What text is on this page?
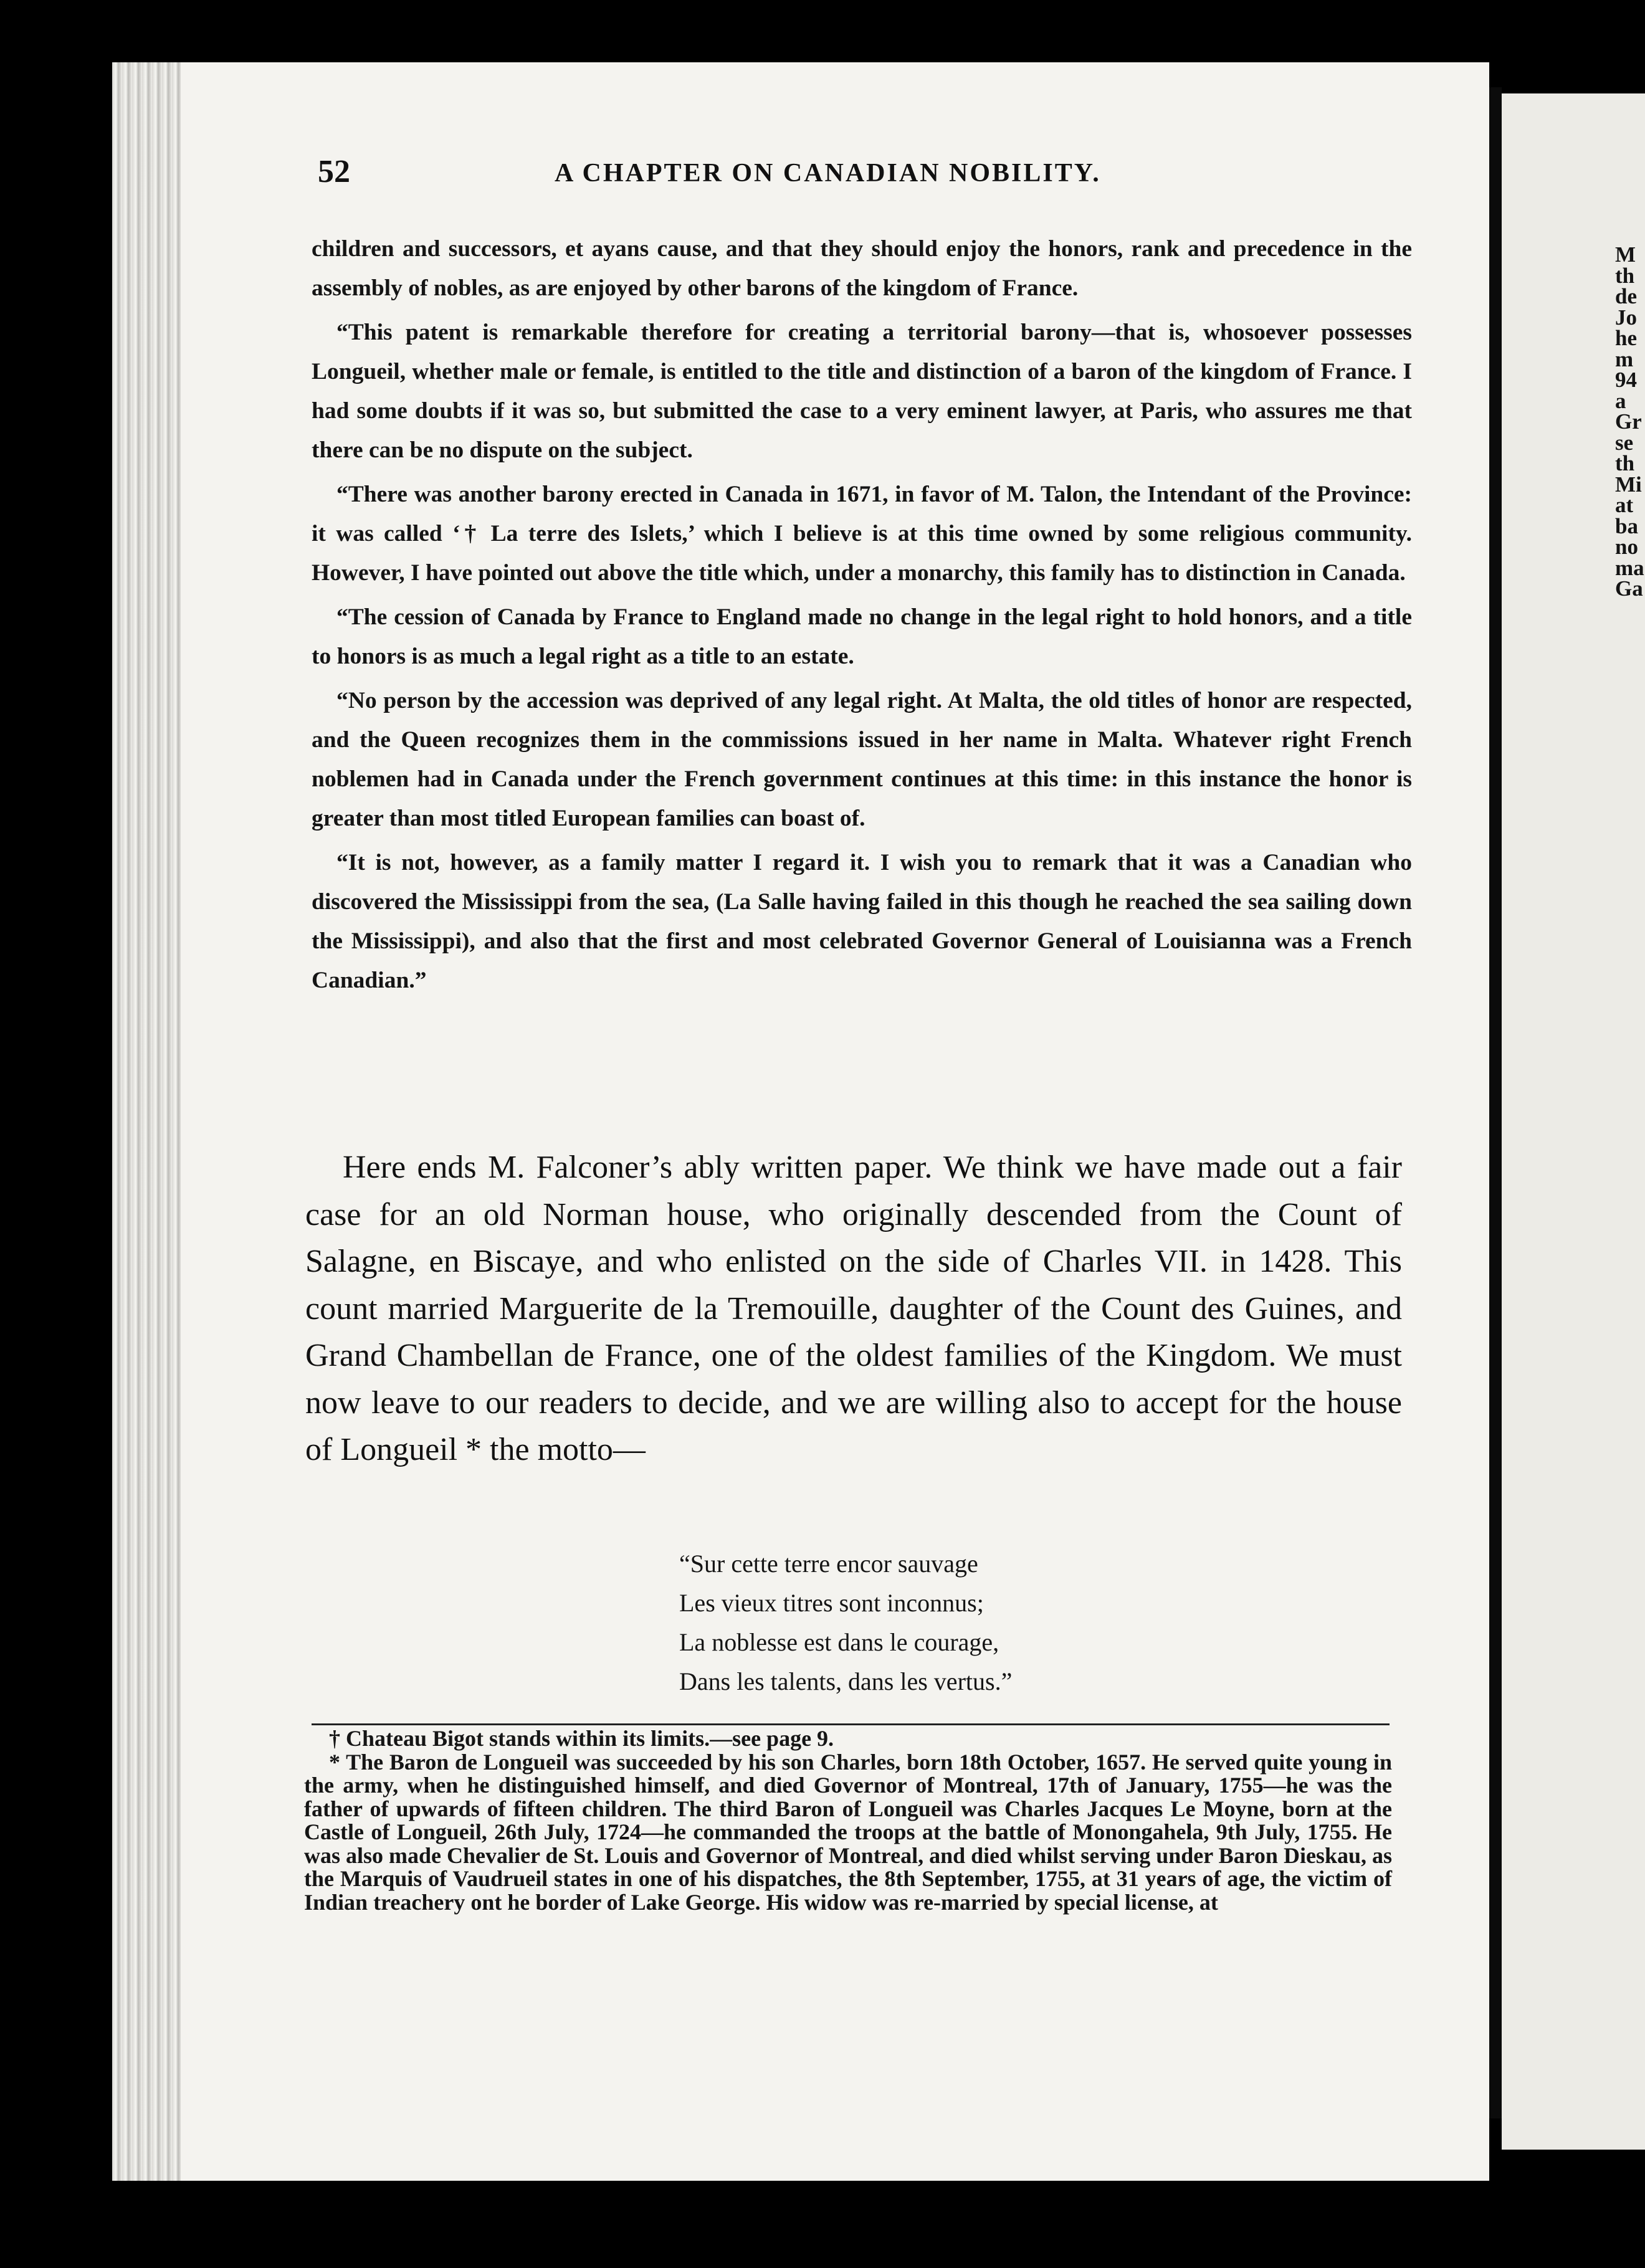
M
th
de
Jo
he
m
94
a
Gr
se
th
Mi
at
ba
no
ma
Ga
52	A CHAPTER ON CANADIAN NOBILITY.

children and successors, et ayans cause, and that they should enjoy the honors, rank and precedence in the assembly of nobles, as are enjoyed by other barons of the kingdom of France.

“This patent is remarkable therefore for creating a territorial barony—that is, whosoever possesses Longueil, whether male or female, is entitled to the title and distinction of a baron of the kingdom of France. I had some doubts if it was so, but submitted the case to a very eminent lawyer, at Paris, who assures me that there can be no dispute on the subject.

“There was another barony erected in Canada in 1671, in favor of M. Talon, the Intendant of the Province: it was called ‘† La terre des Islets,’ which I believe is at this time owned by some religious community. However, I have pointed out above the title which, under a monarchy, this family has to distinction in Canada.

“The cession of Canada by France to England made no change in the legal right to hold honors, and a title to honors is as much a legal right as a title to an estate.

“No person by the accession was deprived of any legal right. At Malta, the old titles of honor are respected, and the Queen recognizes them in the commissions issued in her name in Malta. Whatever right French noblemen had in Canada under the French government continues at this time: in this instance the honor is greater than most titled European families can boast of.

“It is not, however, as a family matter I regard it. I wish you to remark that it was a Canadian who discovered the Mississippi from the sea, (La Salle having failed in this though he reached the sea sailing down the Mississippi), and also that the first and most celebrated Governor General of Louisianna was a French Canadian.”

Here ends M. Falconer’s ably written paper. We think we have made out a fair case for an old Norman house, who originally descended from the Count of Salagne, en Biscaye, and who enlisted on the side of Charles VII. in 1428. This count married Marguerite de la Tremouille, daughter of the Count des Guines, and Grand Chambellan de France, one of the oldest families of the Kingdom. We must now leave to our readers to decide, and we are willing also to accept for the house of Longueil * the motto—

“Sur cette terre encor sauvage
Les vieux titres sont inconnus;
La noblesse est dans le courage,
Dans les talents, dans les vertus.”

† Chateau Bigot stands within its limits.—see page 9.

* The Baron de Longueil was succeeded by his son Charles, born 18th October, 1657. He served quite young in the army, when he distinguished himself, and died Governor of Montreal, 17th of January, 1755—he was the father of upwards of fifteen children. The third Baron of Longueil was Charles Jacques Le Moyne, born at the Castle of Longueil, 26th July, 1724—he commanded the troops at the battle of Monongahela, 9th July, 1755. He was also made Chevalier de St. Louis and Governor of Montreal, and died whilst serving under Baron Dieskau, as the Marquis of Vaudrueil states in one of his dispatches, the 8th September, 1755, at 31 years of age, the victim of Indian treachery ont he border of Lake George. His widow was re-married by special license, at
